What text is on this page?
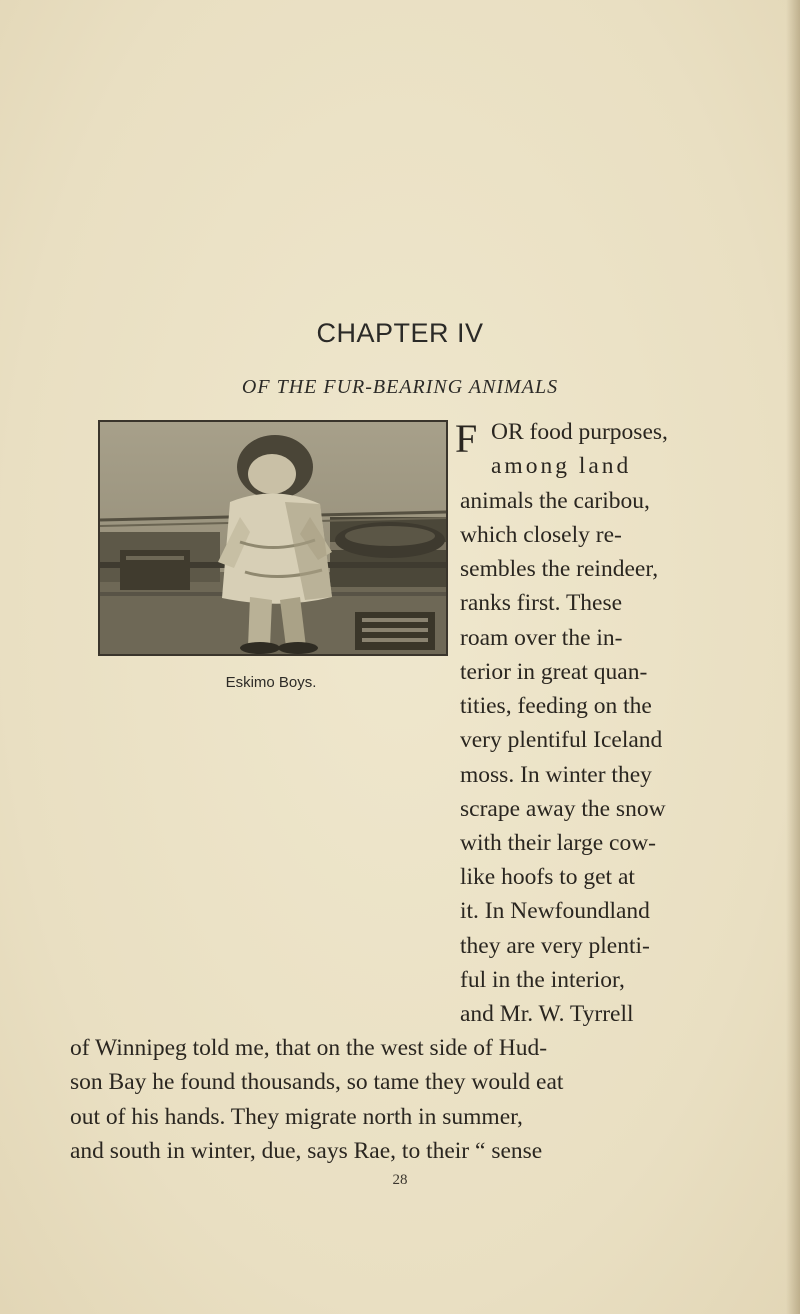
CHAPTER IV
OF THE FUR-BEARING ANIMALS
Eskimo Boys.
F OR food purposes,
among land
animals the caribou,
which closely re-
sembles the reindeer,
ranks first. These
roam over the in-
terior in great quan-
tities, feeding on the
very plentiful Iceland
moss. In winter they
scrape away the snow
with their large cow-
like hoofs to get at
it. In Newfoundland
they are very plenti-
ful in the interior,
and Mr. W. Tyrrell
of Winnipeg told me, that on the west side of Hud-
son Bay he found thousands, so tame they would eat
out of his hands. They migrate north in summer,
and south in winter, due, says Rae, to their “ sense
28
